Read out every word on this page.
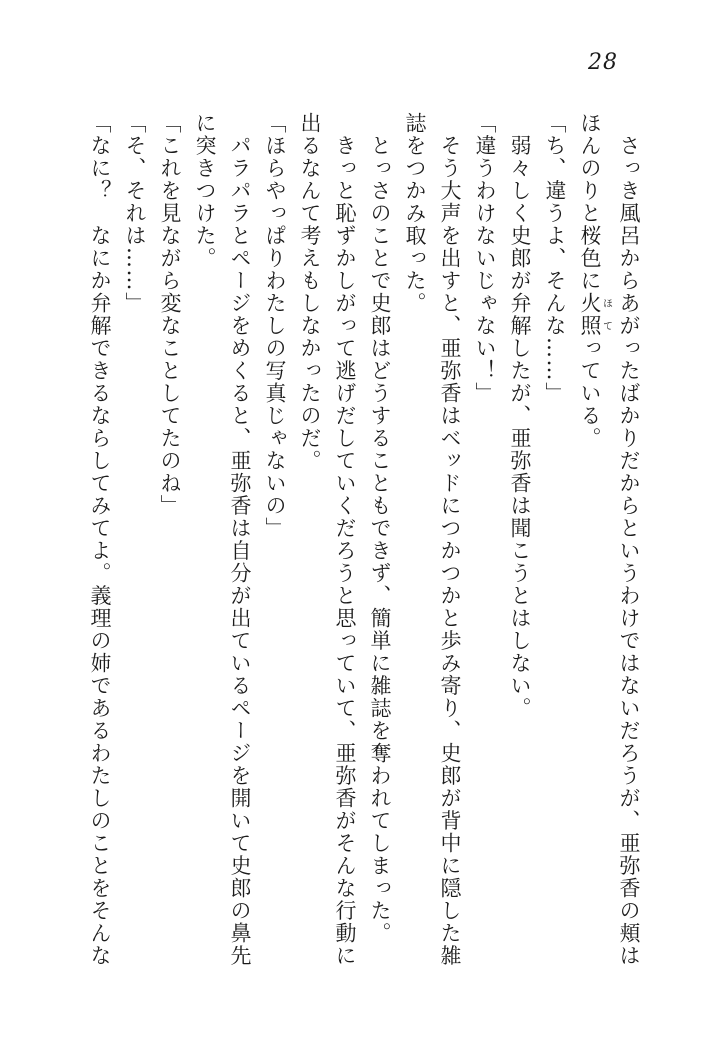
28
　さっき風呂からあがったばかりだからというわけではないだろうが、亜弥香の頬は
ほんのりと桜色に火照ほてっている。
「ち、違うよ、そんな……」
　弱々しく史郎が弁解したが、亜弥香は聞こうとはしない。
「違うわけないじゃない！」
　そう大声を出すと、亜弥香はベッドにつかつかと歩み寄り、史郎が背中に隠した雑
誌をつかみ取った。
　とっさのことで史郎はどうすることもできず、簡単に雑誌を奪われてしまった。
　きっと恥ずかしがって逃げだしていくだろうと思っていて、亜弥香がそんな行動に
出るなんて考えもしなかったのだ。
「ほらやっぱりわたしの写真じゃないの」
　パラパラとページをめくると、亜弥香は自分が出ているページを開いて史郎の鼻先
に突きつけた。
「これを見ながら変なことしてたのね」
「そ、それは……」
「なに？　なにか弁解できるならしてみてよ。義理の姉であるわたしのことをそんな
